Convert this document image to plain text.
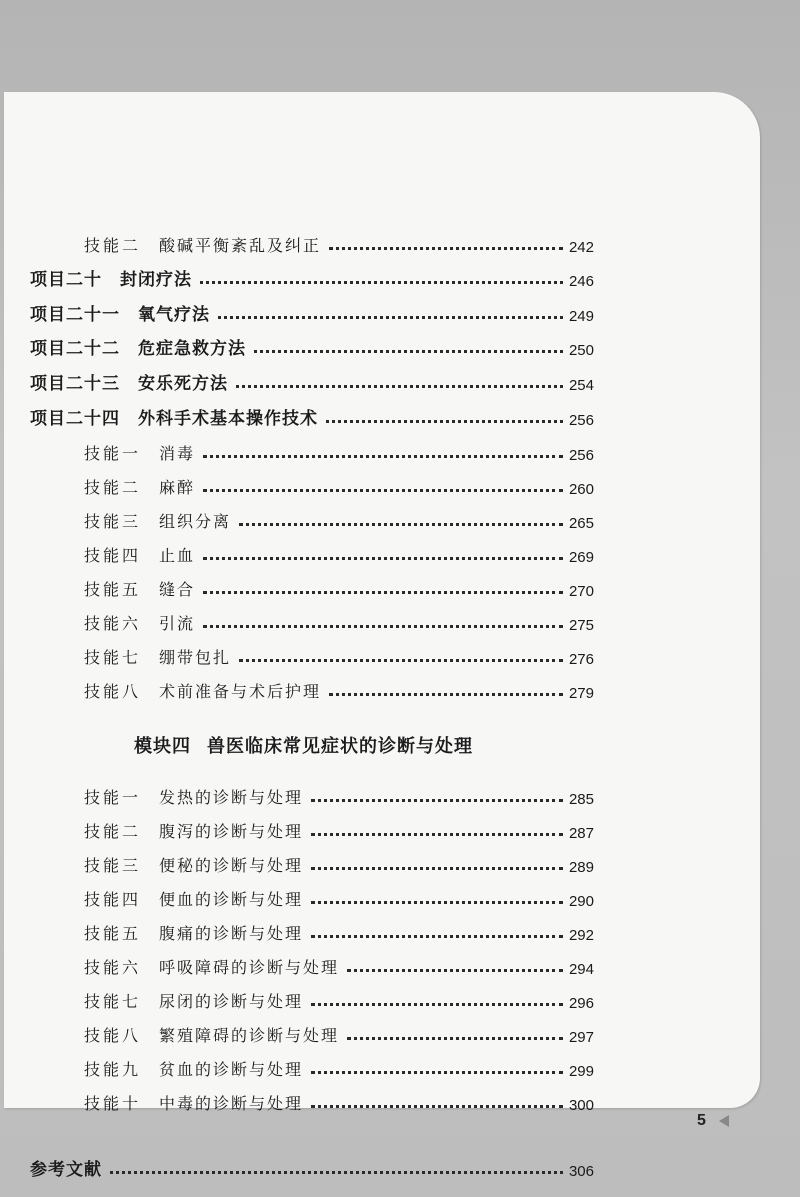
技能二 酸碱平衡紊乱及纠正	242
项目二十 封闭疗法	246
项目二十一 氧气疗法	249
项目二十二 危症急救方法	250
项目二十三 安乐死方法	254
项目二十四 外科手术基本操作技术	256
技能一 消毒	256
技能二 麻醉	260
技能三 组织分离	265
技能四 止血	269
技能五 缝合	270
技能六 引流	275
技能七 绷带包扎	276
技能八 术前准备与术后护理	279
模块四 兽医临床常见症状的诊断与处理
技能一 发热的诊断与处理	285
技能二 腹泻的诊断与处理	287
技能三 便秘的诊断与处理	289
技能四 便血的诊断与处理	290
技能五 腹痛的诊断与处理	292
技能六 呼吸障碍的诊断与处理	294
技能七 尿闭的诊断与处理	296
技能八 繁殖障碍的诊断与处理	297
技能九 贫血的诊断与处理	299
技能十 中毒的诊断与处理	300
参考文献	306
5
